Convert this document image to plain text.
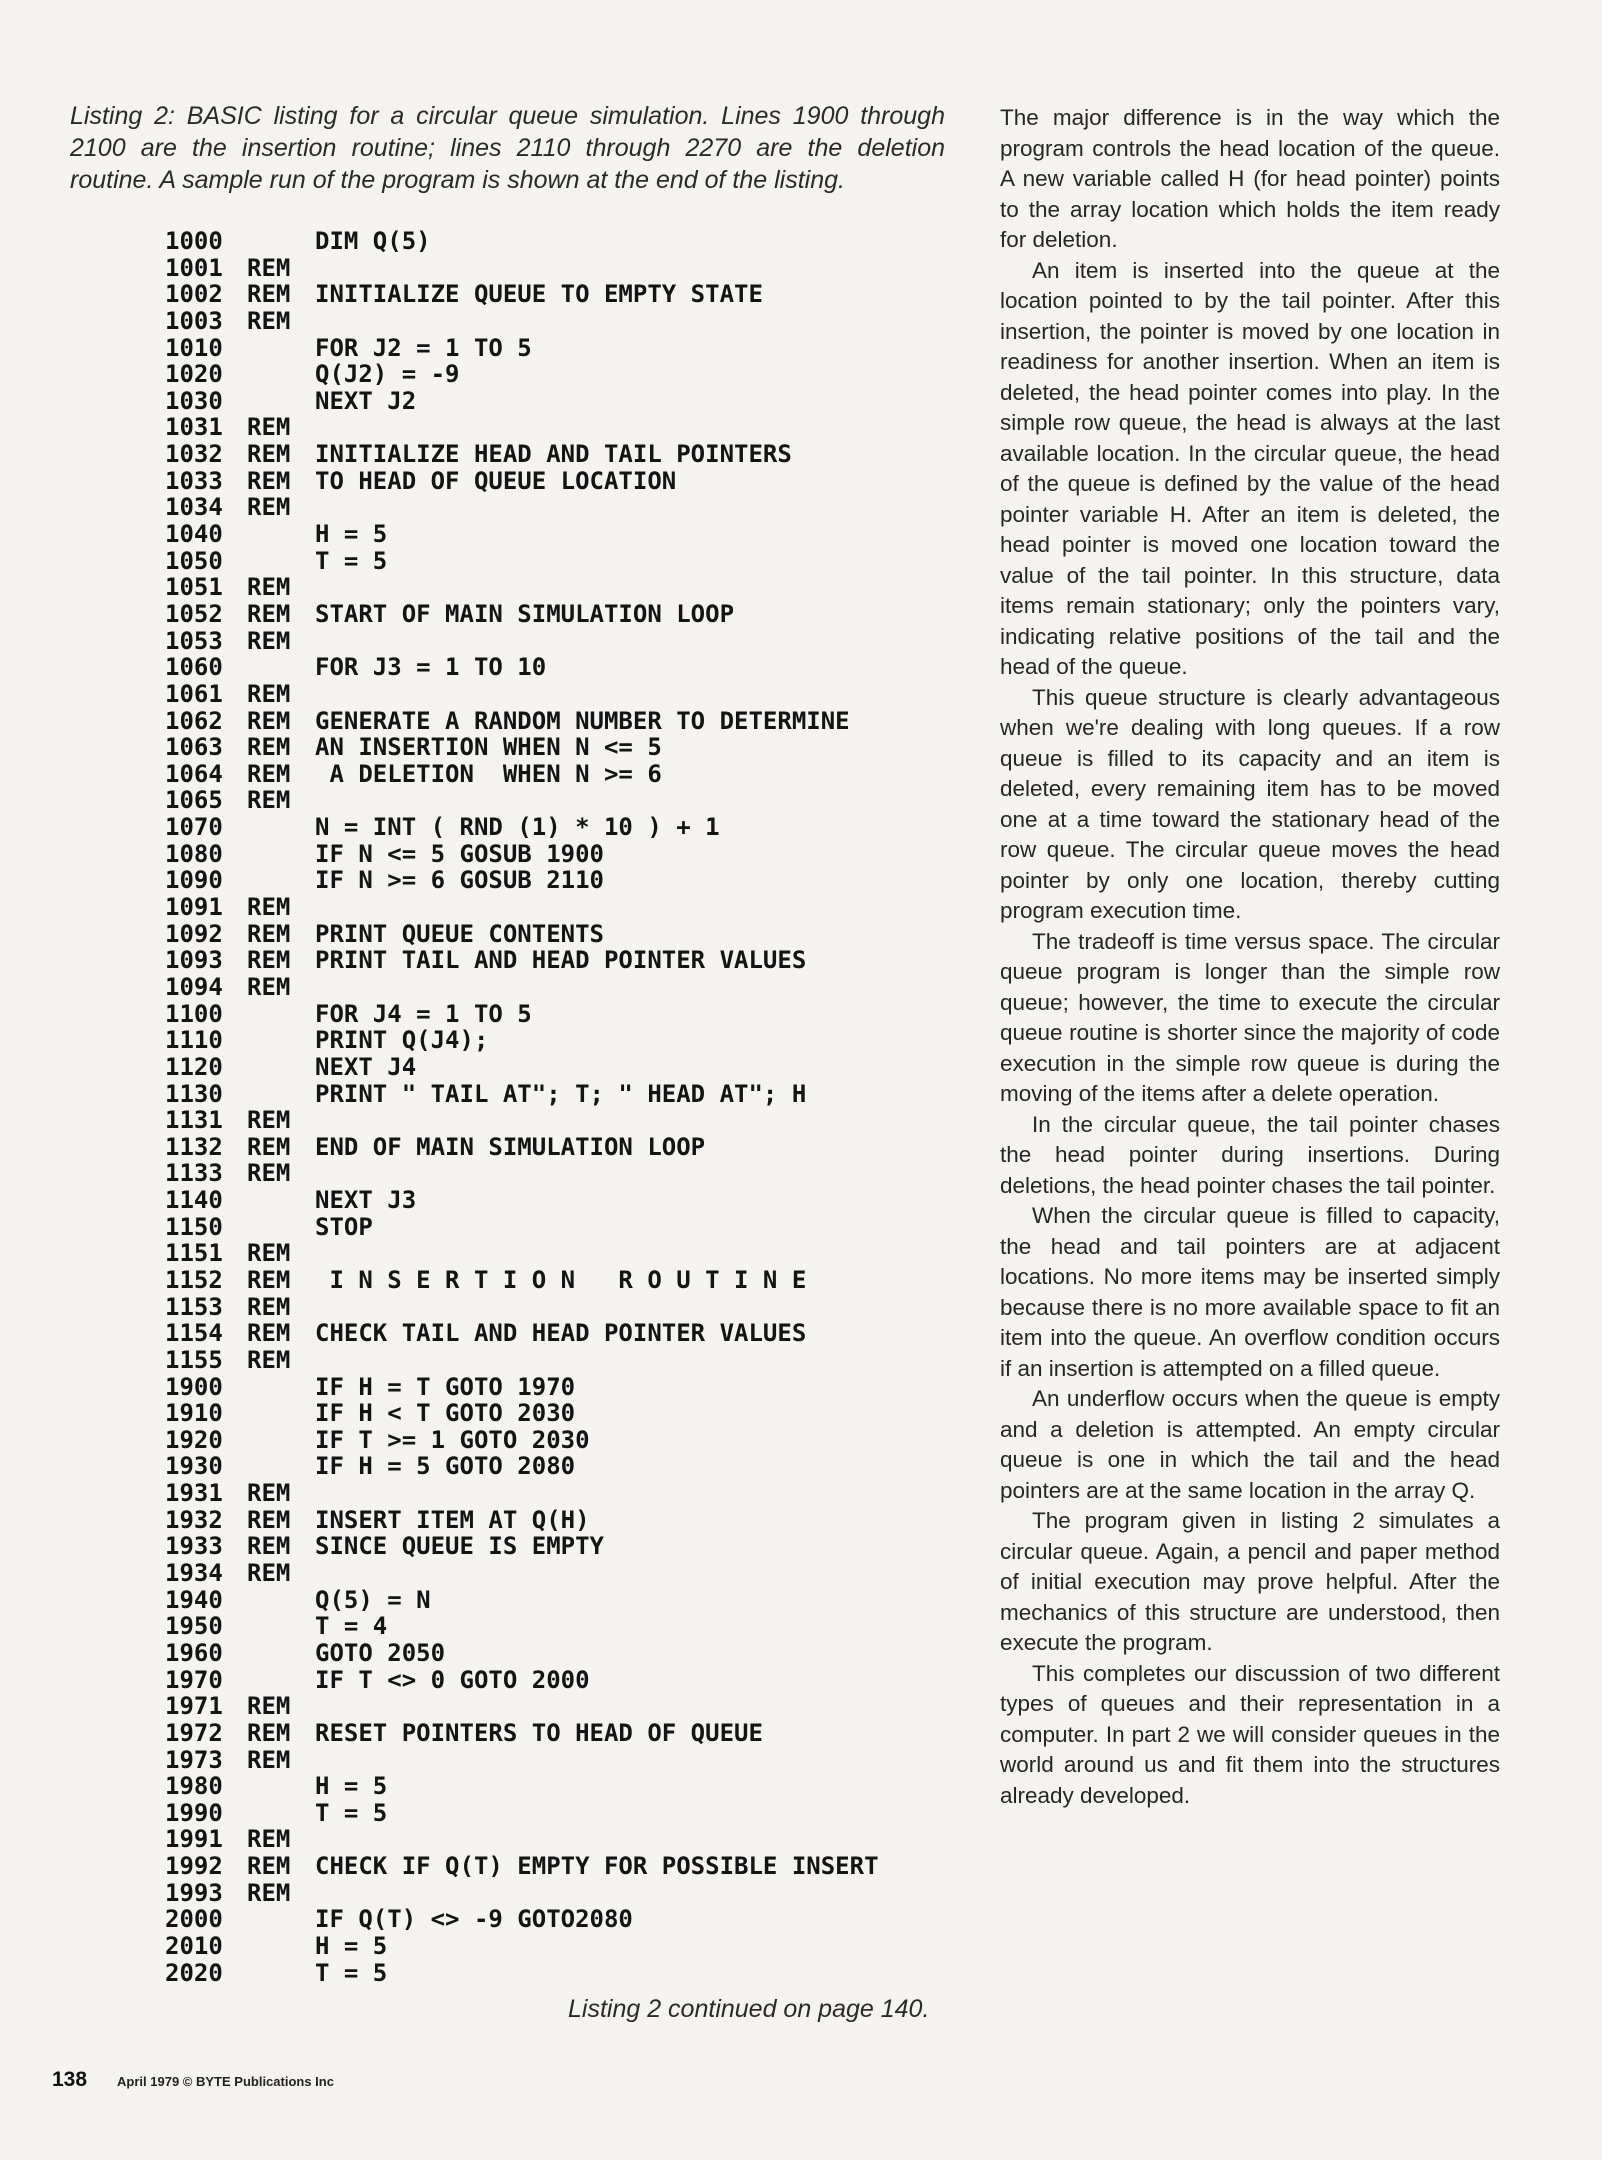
Listing 2: BASIC listing for a circular queue simulation. Lines 1900 through 2100 are the insertion routine; lines 2110 through 2270 are the deletion routine. A sample run of the program is shown at the end of the listing.

1000	DIM Q(5)
1001 REM
1002 REM INITIALIZE QUEUE TO EMPTY STATE
1003 REM
1010	FOR J2 = 1 TO 5
1020	Q(J2) = -9
1030	NEXT J2
1031 REM
1032 REM INITIALIZE HEAD AND TAIL POINTERS
1033 REM TO HEAD OF QUEUE LOCATION
1034 REM
1040	H = 5
1050	T = 5
1051 REM
1052 REM START OF MAIN SIMULATION LOOP
1053 REM
1060	FOR J3 = 1 TO 10
1061 REM
1062 REM GENERATE A RANDOM NUMBER TO DETERMINE
1063 REM AN INSERTION WHEN N <= 5
1064 REM A DELETION  WHEN N >= 6
1065 REM
1070	N = INT ( RND (1) * 10 ) + 1
1080	IF N <= 5 GOSUB 1900
1090	IF N >= 6 GOSUB 2110
1091 REM
1092 REM PRINT QUEUE CONTENTS
1093 REM PRINT TAIL AND HEAD POINTER VALUES
1094 REM
1100	FOR J4 = 1 TO 5
1110	PRINT Q(J4);
1120	NEXT J4
1130	PRINT " TAIL AT"; T; " HEAD AT"; H
1131 REM
1132 REM END OF MAIN SIMULATION LOOP
1133 REM
1140	NEXT J3
1150	STOP
1151 REM
1152 REM I N S E R T I O N   R O U T I N E
1153 REM
1154 REM CHECK TAIL AND HEAD POINTER VALUES
1155 REM
1900	IF H = T GOTO 1970
1910	IF H < T GOTO 2030
1920	IF T >= 1 GOTO 2030
1930	IF H = 5 GOTO 2080
1931 REM
1932 REM INSERT ITEM AT Q(H)
1933 REM SINCE QUEUE IS EMPTY
1934 REM
1940	Q(5) = N
1950	T = 4
1960	GOTO 2050
1970	IF T <> 0 GOTO 2000
1971 REM
1972 REM RESET POINTERS TO HEAD OF QUEUE
1973 REM
1980	H = 5
1990	T = 5
1991 REM
1992 REM CHECK IF Q(T) EMPTY FOR POSSIBLE INSERT
1993 REM
2000	IF Q(T) <> -9 GOTO2080
2010	H = 5
2020	T = 5
Listing 2 continued on page 140.

The major difference is in the way which the program controls the head location of the queue. A new variable called H (for head pointer) points to the array location which holds the item ready for deletion.

An item is inserted into the queue at the location pointed to by the tail pointer. After this insertion, the pointer is moved by one location in readiness for another insertion. When an item is deleted, the head pointer comes into play. In the simple row queue, the head is always at the last available location. In the circular queue, the head of the queue is defined by the value of the head pointer variable H. After an item is deleted, the head pointer is moved one location toward the value of the tail pointer. In this structure, data items remain stationary; only the pointers vary, indicating relative positions of the tail and the head of the queue.

This queue structure is clearly advantageous when we're dealing with long queues. If a row queue is filled to its capacity and an item is deleted, every remaining item has to be moved one at a time toward the stationary head of the row queue. The circular queue moves the head pointer by only one location, thereby cutting program execution time.

The tradeoff is time versus space. The circular queue program is longer than the simple row queue; however, the time to execute the circular queue routine is shorter since the majority of code execution in the simple row queue is during the moving of the items after a delete operation.

In the circular queue, the tail pointer chases the head pointer during insertions. During deletions, the head pointer chases the tail pointer.

When the circular queue is filled to capacity, the head and tail pointers are at adjacent locations. No more items may be inserted simply because there is no more available space to fit an item into the queue. An overflow condition occurs if an insertion is attempted on a filled queue.

An underflow occurs when the queue is empty and a deletion is attempted. An empty circular queue is one in which the tail and the head pointers are at the same location in the array Q.

The program given in listing 2 simulates a circular queue. Again, a pencil and paper method of initial execution may prove helpful. After the mechanics of this structure are understood, then execute the program.

This completes our discussion of two different types of queues and their representation in a computer. In part 2 we will consider queues in the world around us and fit them into the structures already developed.

138 April 1979 © BYTE Publications Inc
